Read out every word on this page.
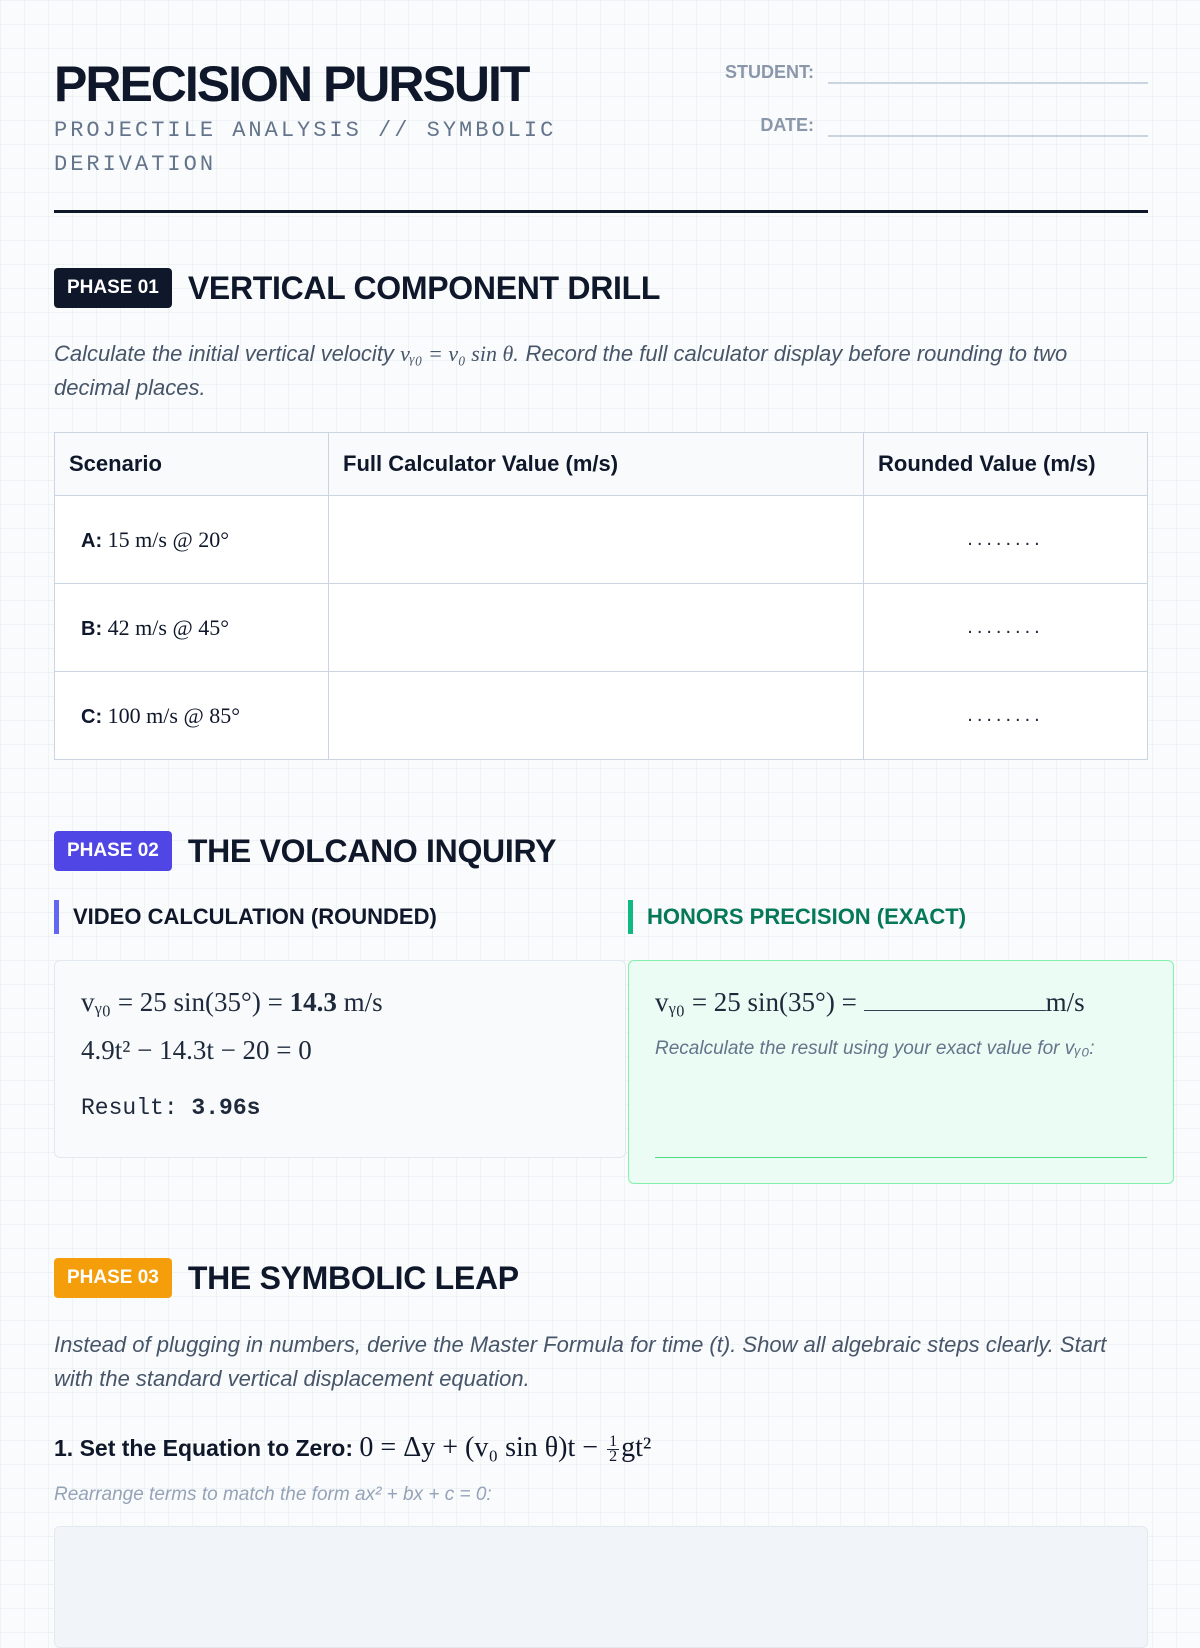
PRECISION PURSUIT
PROJECTILE ANALYSIS // SYMBOLIC DERIVATION
STUDENT:
DATE:
PHASE 01 VERTICAL COMPONENT DRILL
Calculate the initial vertical velocity vᵧ₀ = v₀ sin θ. Record the full calculator display before rounding to two decimal places.
Scenario	Full Calculator Value (m/s)	Rounded Value (m/s)
A: 15 m/s @ 20°		........
B: 42 m/s @ 45°		........
C: 100 m/s @ 85°		........
PHASE 02 THE VOLCANO INQUIRY
VIDEO CALCULATION (ROUNDED)	HONORS PRECISION (EXACT)
vᵧ₀ = 25 sin(35°) = 14.3 m/s
4.9t² − 14.3t − 20 = 0
Result: 3.96s
vᵧ₀ = 25 sin(35°) =	m/s
Recalculate the result using your exact value for vᵧ₀:
PHASE 03 THE SYMBOLIC LEAP
Instead of plugging in numbers, derive the Master Formula for time (t). Show all algebraic steps clearly. Start with the standard vertical displacement equation.
1. Set the Equation to Zero: 0 = Δy + (v₀ $\sin \theta)t - \frac{1}{2} gt^2$
Rearrange terms to match the form ax² + bx + c = 0:
